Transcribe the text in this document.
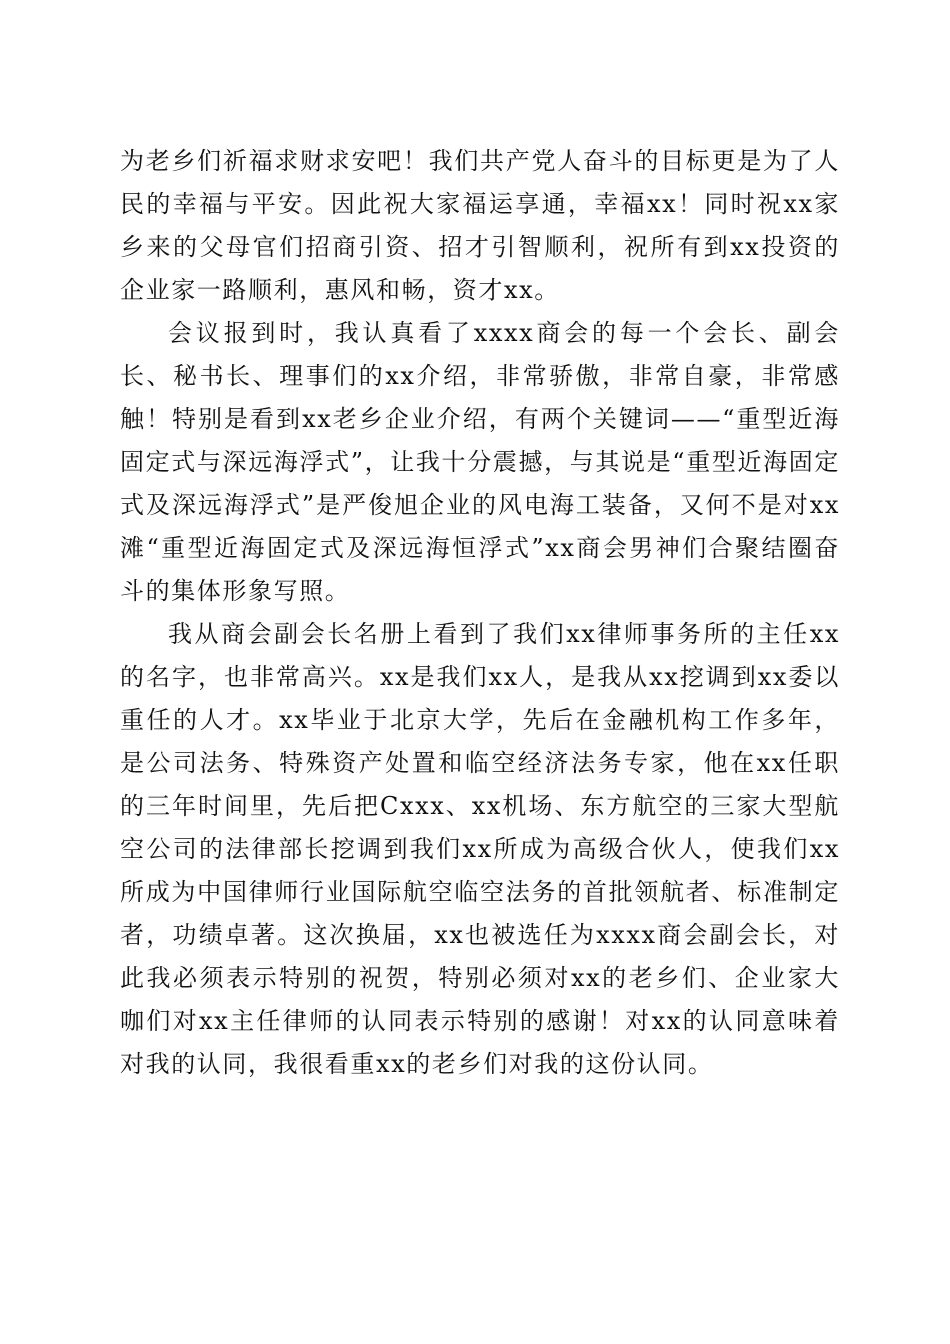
为老乡们祈福求财求安吧！我们共产党人奋斗的目标更是为了人民的幸福与平安。因此祝大家福运享通，幸福xx！同时祝xx家乡来的父母官们招商引资、招才引智顺利，祝所有到xx投资的企业家一路顺利，惠风和畅，资才xx。

会议报到时，我认真看了xxxx商会的每一个会长、副会长、秘书长、理事们的xx介绍，非常骄傲，非常自豪，非常感触！特别是看到xx老乡企业介绍，有两个关键词——“重型近海固定式与深远海浮式”，让我十分震撼，与其说是“重型近海固定式及深远海浮式”是严俊旭企业的风电海工装备，又何不是对xx滩“重型近海固定式及深远海恒浮式”xx商会男神们合聚结圈奋斗的集体形象写照。

我从商会副会长名册上看到了我们xx律师事务所的主任xx的名字，也非常高兴。xx是我们xx人，是我从xx挖调到xx委以重任的人才。xx毕业于北京大学，先后在金融机构工作多年，是公司法务、特殊资产处置和临空经济法务专家，他在xx任职的三年时间里，先后把Cxxx、xx机场、东方航空的三家大型航空公司的法律部长挖调到我们xx所成为高级合伙人，使我们xx所成为中国律师行业国际航空临空法务的首批领航者、标准制定者，功绩卓著。这次换届，xx也被选任为xxxx商会副会长，对此我必须表示特别的祝贺，特别必须对xx的老乡们、企业家大咖们对xx主任律师的认同表示特别的感谢！对xx的认同意味着对我的认同，我很看重xx的老乡们对我的这份认同。
